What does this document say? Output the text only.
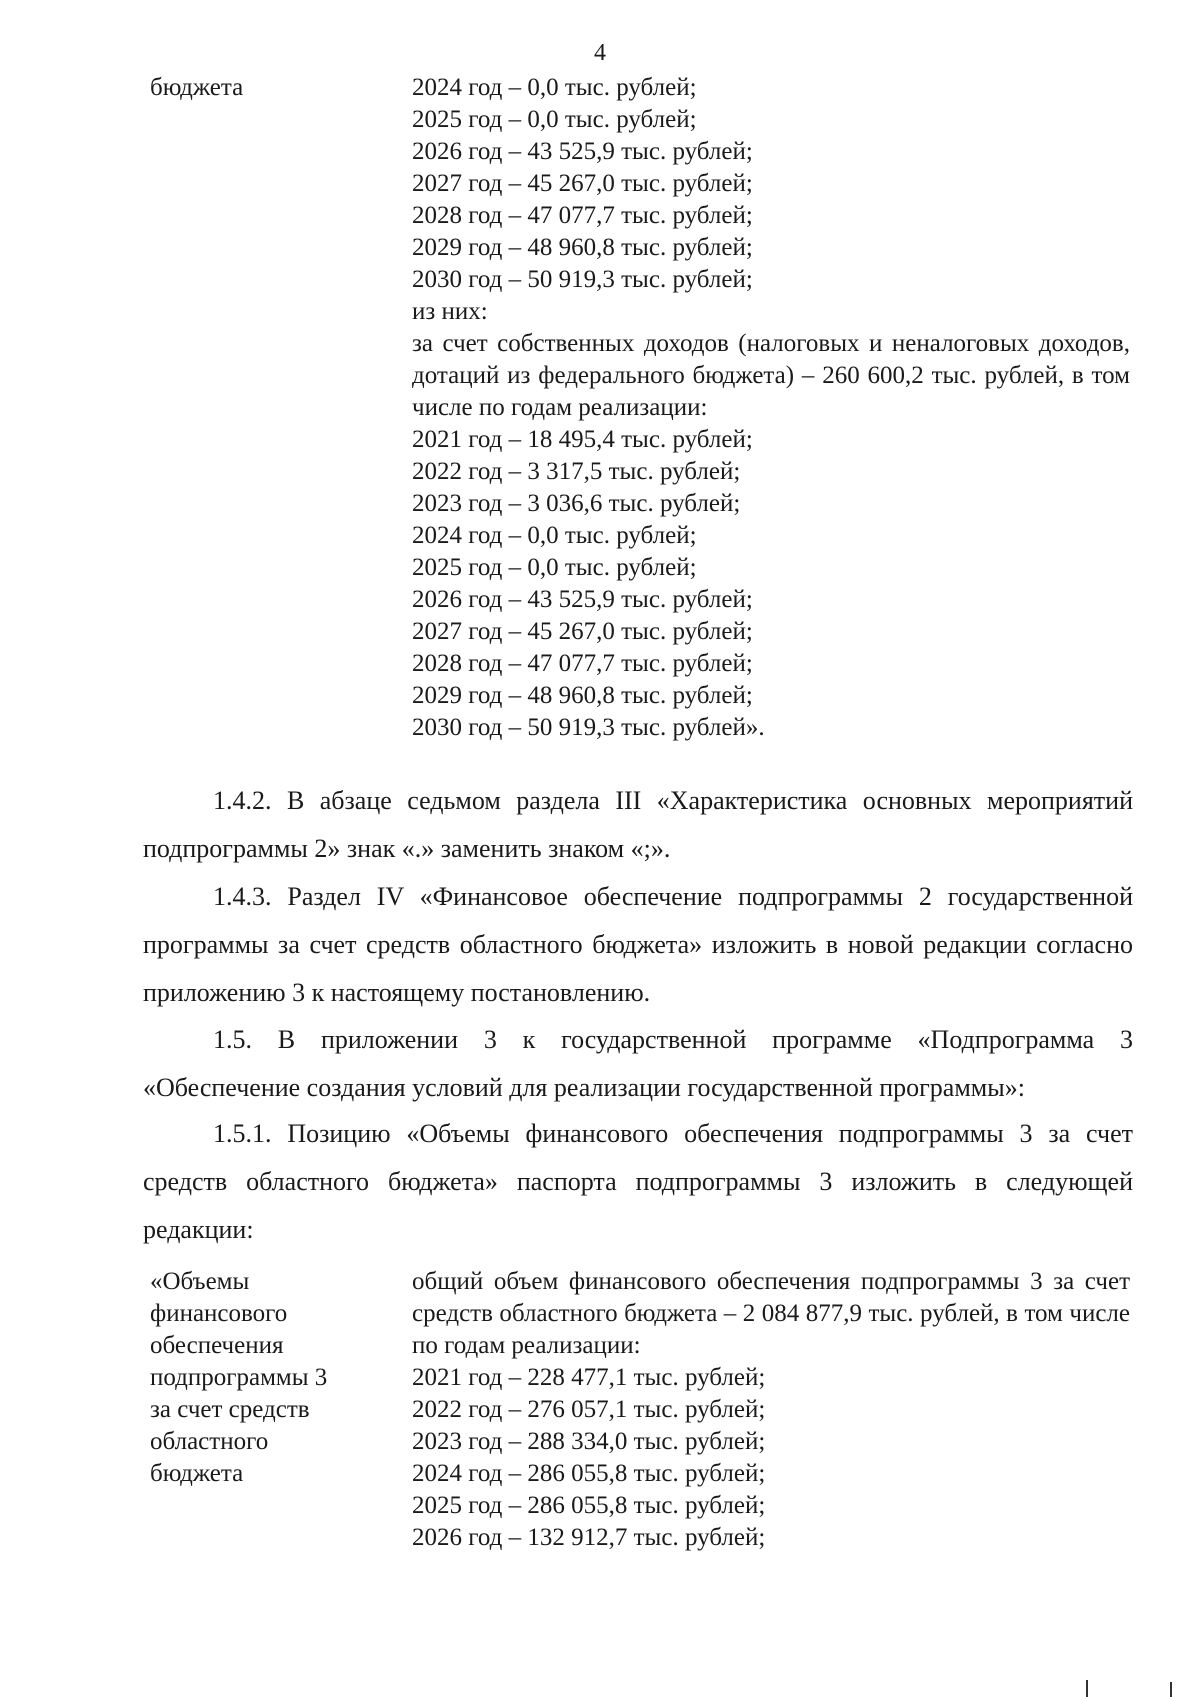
4
бюджета	2024 год – 0,0 тыс. рублей;
2025 год – 0,0 тыс. рублей;
2026 год – 43 525,9 тыс. рублей;
2027 год – 45 267,0 тыс. рублей;
2028 год – 47 077,7 тыс. рублей;
2029 год – 48 960,8 тыс. рублей;
2030 год – 50 919,3 тыс. рублей;
из них:
за счет собственных доходов (налоговых и неналоговых доходов, дотаций из федерального бюджета) – 260 600,2 тыс. рублей, в том числе по годам реализации:
2021 год – 18 495,4 тыс. рублей;
2022 год – 3 317,5 тыс. рублей;
2023 год – 3 036,6 тыс. рублей;
2024 год – 0,0 тыс. рублей;
2025 год – 0,0 тыс. рублей;
2026 год – 43 525,9 тыс. рублей;
2027 год – 45 267,0 тыс. рублей;
2028 год – 47 077,7 тыс. рублей;
2029 год – 48 960,8 тыс. рублей;
2030 год – 50 919,3 тыс. рублей».

1.4.2. В абзаце седьмом раздела III «Характеристика основных мероприятий подпрограммы 2» знак «.» заменить знаком «;».

1.4.3. Раздел IV «Финансовое обеспечение подпрограммы 2 государственной программы за счет средств областного бюджета» изложить в новой редакции согласно приложению 3 к настоящему постановлению.

1.5. В приложении 3 к государственной программе «Подпрограмма 3 «Обеспечение создания условий для реализации государственной программы»:

1.5.1. Позицию «Объемы финансового обеспечения подпрограммы 3 за счет средств областного бюджета» паспорта подпрограммы 3 изложить в следующей редакции:

«Объемы
финансового
обеспечения
подпрограммы 3
за счет средств
областного
бюджета
общий объем финансового обеспечения подпрограммы 3 за счет средств областного бюджета – 2 084 877,9 тыс. рублей, в том числе по годам реализации:
2021 год – 228 477,1 тыс. рублей;
2022 год – 276 057,1 тыс. рублей;
2023 год – 288 334,0 тыс. рублей;
2024 год – 286 055,8 тыс. рублей;
2025 год – 286 055,8 тыс. рублей;
2026 год – 132 912,7 тыс. рублей;
